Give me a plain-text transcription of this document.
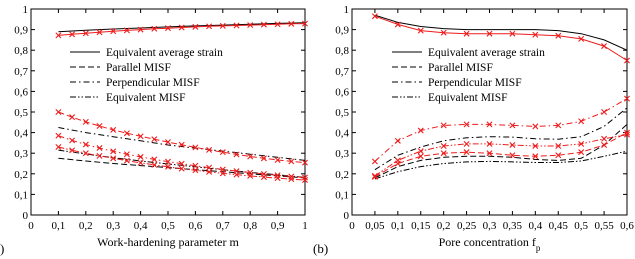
0
0,1
0,2
0,3
0,4
0,5
0,6
0,7
0,8
0,9
1
0 0,1 0,2 0,3 0,4 0,5 0,6 0,7 0,8 0,9 1
Work-hardening parameter m
)
Equivalent average strain
Parallel MISF
Perpendicular MISF
Equivalent MISF
0
0,1
0,2
0,3
0,4
0,5
0,6
0,7
0,8
0,9
1
0 0,05 0,1 0,15 0,2 0,25 0,3 0,35 0,4 0,45 0,5 0,55 0,6
Pore concentration $f_p$
(b)
Equivalent average strain
Parallel MISF
Perpendicular MISF
Equivalent MISF
